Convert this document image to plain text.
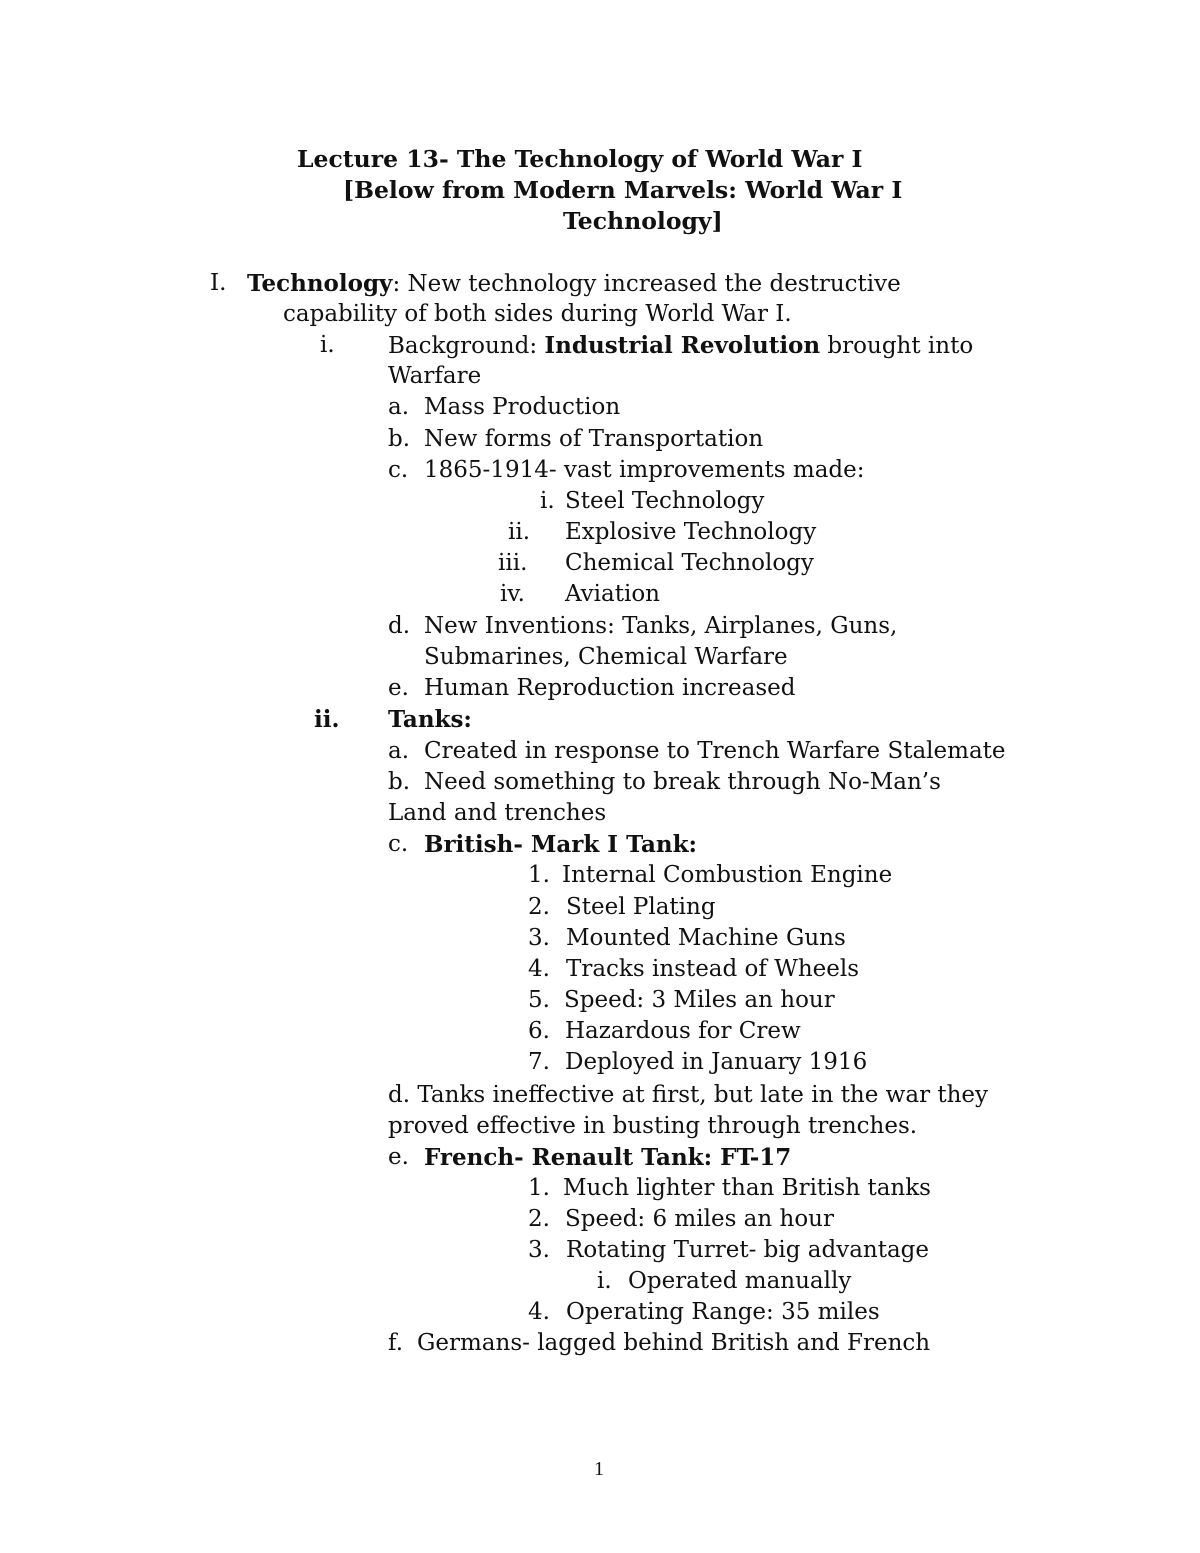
Lecture 13- The Technology of World War I
[Below from Modern Marvels: World War I
Technology]
I. Technology: New technology increased the destructive
capability of both sides during World War I.
i. Background: Industrial Revolution brought into
Warfare
a. Mass Production
b. New forms of Transportation
c. 1865-1914- vast improvements made:
i. Steel Technology
ii. Explosive Technology
iii. Chemical Technology
iv. Aviation
d. New Inventions: Tanks, Airplanes, Guns,
Submarines, Chemical Warfare
e. Human Reproduction increased
ii. Tanks:
a. Created in response to Trench Warfare Stalemate
b. Need something to break through No-Man’s
Land and trenches
c. British- Mark I Tank:
1. Internal Combustion Engine
2. Steel Plating
3. Mounted Machine Guns
4. Tracks instead of Wheels
5. Speed: 3 Miles an hour
6. Hazardous for Crew
7. Deployed in January 1916
d. Tanks ineffective at first, but late in the war they
proved effective in busting through trenches.
e. French- Renault Tank: FT-17
1. Much lighter than British tanks
2. Speed: 6 miles an hour
3. Rotating Turret- big advantage
i. Operated manually
4. Operating Range: 35 miles
f. Germans- lagged behind British and French
1
